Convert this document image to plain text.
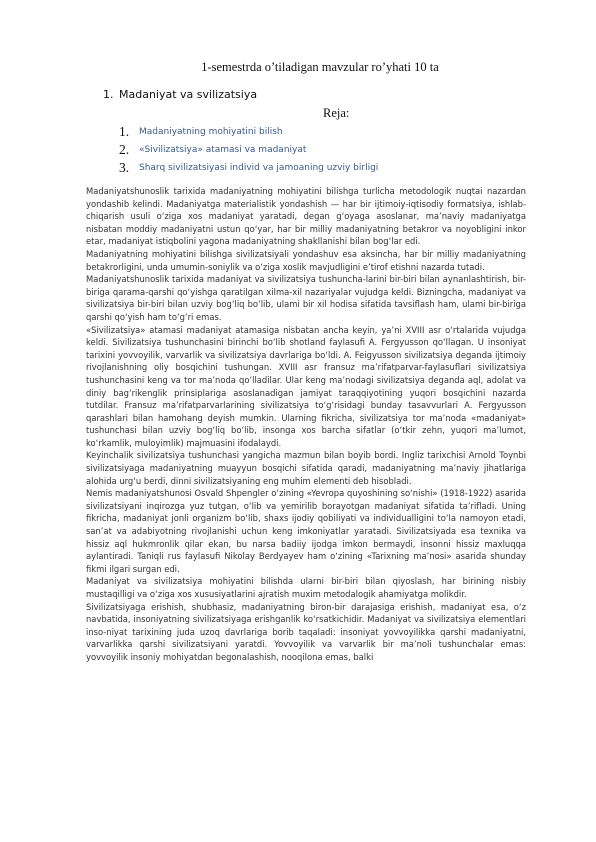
1-semestrda o’tiladigan mavzular ro’yhati 10 ta
1. Madaniyat va svilizatsiya
Reja:
1.	Madaniyatning mohiyatini bilish
2.	«Sivilizatsiya» atamasi va madaniyat
3.	Sharq sivilizatsiyasi individ va jamoaning uzviy birligi

Madaniyatshunoslik tarixida madaniyatning mohiyatini bilishga turlicha metodologik nuqtai nazardan yondashib kelindi. Madaniyatga materialistik yondashish — har bir ijtimoiy-iqtisodiy formatsiya, ishlab-chiqarish usuli o‘ziga xos madaniyat yaratadi, degan g‘oyaga asoslanar, ma’naviy madaniyatga nisbatan moddiy madaniyatni ustun qo‘yar, har bir milliy madaniyatning betakror va noyobligini inkor etar, madaniyat istiqbolini yagona madaniyatning shakllanishi bilan bog‘lar edi.

Madaniyatning mohiyatini bilishga sivilizatsiyali yondashuv esa aksincha, har bir milliy madaniyatning betakrorligini, unda umumin-soniylik va o‘ziga xoslik mavjudligini e’tirof etishni nazarda tutadi.

Madaniyatshunoslik tarixida madaniyat va sivilizatsiya tushuncha-larini bir-biri bilan aynanlashtirish, bir-biriga qarama-qarshi qo‘yishga qaratilgan xilma-xil nazariyalar vujudga keldi. Bizningcha, madaniyat va sivilizatsiya bir-biri bilan uzviy bog‘liq bo‘lib, ulami bir xil hodisa sifatida tavsiflash ham, ulami bir-biriga qarshi qo‘yish ham to‘g‘ri emas.

«Sivilizatsiya» atamasi madaniyat atamasiga nisbatan ancha keyin, ya’ni XVIII asr o‘rtalarida vujudga keldi. Sivilizatsiya tushunchasini birinchi bo‘lib shotland faylasufi A. Fergyusson qo‘llagan. U insoniyat tarixini yovvoyilik, varvarlik va sivilizatsiya davrlariga bo‘ldi. A. Feigyusson sivilizatsiya deganda ijtimoiy rivojlanishning oliy bosqichini tushungan. XVIII asr fransuz ma’rifatparvar-faylasuflari sivilizatsiya tushunchasini keng va tor ma’noda qo‘lladilar. Ular keng ma’nodagi sivilizatsiya deganda aql, adolat va diniy bag‘rikenglik prinsiplariga asoslanadigan jamiyat taraqqiyotining yuqori bosqichini nazarda tutdilar. Fransuz ma’rifatparvarlarining sivilizatsiya to‘g‘risidagi bunday tasavvurlari A. Fergyusson qarashlari bilan hamohang deyish mumkin. Ularning fikricha, sivilizatsiya tor ma’noda «madaniyat» tushunchasi bilan uzviy bog‘liq bo‘lib, insonga xos barcha sifatlar (o‘tkir zehn, yuqori ma’lumot, ko‘rkamlik, muloyimlik) majmuasini ifodalaydi.

Keyinchalik sivilizatsiya tushunchasi yangicha mazmun bilan boyib bordi. Ingliz tarixchisi Arnold Toynbi sivilizatsiyaga madaniyatning muayyun bosqichi sifatida qaradi, madaniyatning ma’naviy jihatlariga alohida urg‘u berdi, dinni sivilizatsiyaning eng muhim elementi deb hisobladi.

Nemis madaniyatshunosi Osvald Shpengler o‘zining «Yevropa quyoshining so‘nishi» (1918-1922) asarida sivilizatsiyani inqirozga yuz tutgan, o‘lib va yemirilib borayotgan madaniyat sifatida ta’rifladi. Uning fikricha, madaniyat jonli organizm bo‘lib, shaxs ijodiy qobiliyati va individualligini to‘la namoyon etadi, san’at va adabiyotning rivojlanishi uchun keng imkoniyatlar yaratadi. Sivilizatsiyada esa texnika va hissiz aql hukmronlik qilar ekan, bu narsa badiiy ijodga imkon bermaydi, insonni hissiz maxluqqa aylantiradi. Taniqli rus faylasufi Nikolay Berdyayev ham o‘zining «Tarixning ma’nosi» asarida shunday fikmi ilgari surgan edi.

Madaniyat va sivilizatsiya mohiyatini bilishda ularni bir-biri bilan qiyoslash, har birining nisbiy mustaqilligi va o‘ziga xos xususiyatlarini ajratish muxim metodalogik ahamiyatga molikdir.

Sivilizatsiyaga erishish, shubhasiz, madaniyatning biron-bir darajasiga erishish, madaniyat esa, o‘z navbatida, insoniyatning sivilizatsiyaga erishganlik ko‘rsatkichidir. Madaniyat va sivilizatsiya elementlari inso-niyat tarixining juda uzoq davrlariga borib taqaladi: insoniyat yovvoyilikka qarshi madaniyatni, varvarlikka qarshi sivilizatsiyani yaratdi. Yovvoyilik va varvarlik bir ma’noli tushunchalar emas: yovvoyilik insoniy mohiyatdan begonalashish, nooqilona emas, balki
